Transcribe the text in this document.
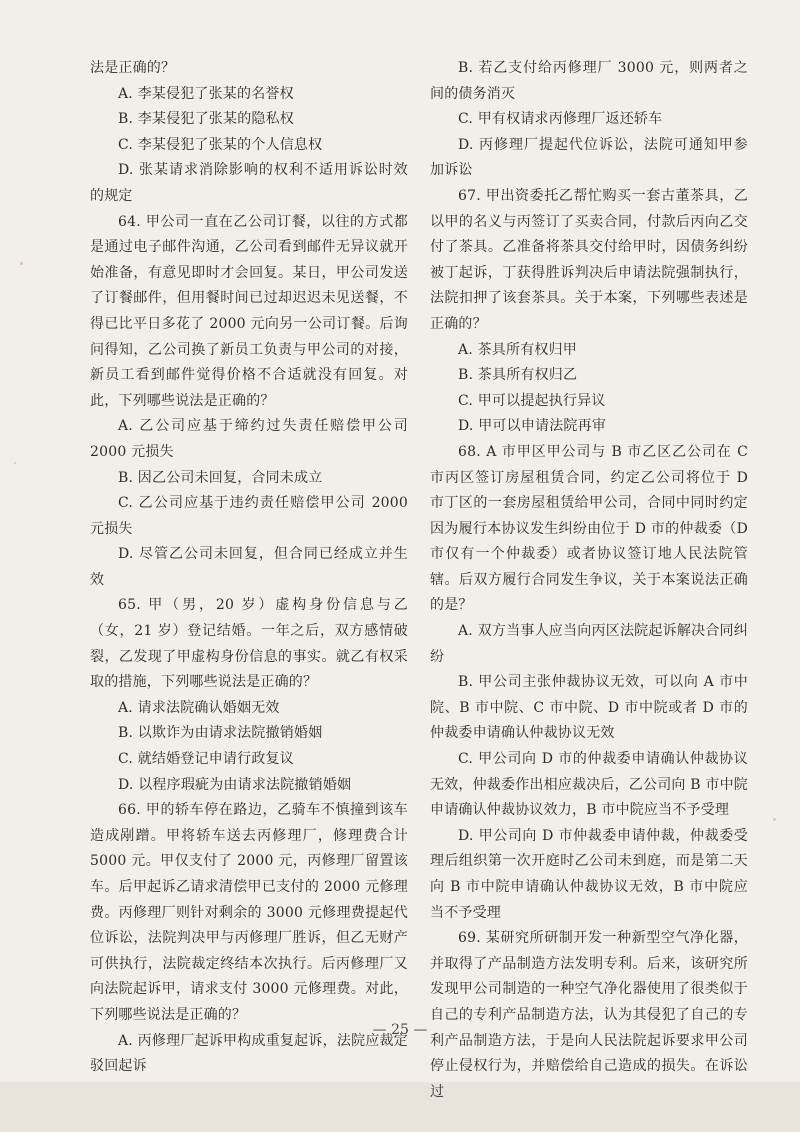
法是正确的？

A. 李某侵犯了张某的名誉权

B. 李某侵犯了张某的隐私权

C. 李某侵犯了张某的个人信息权

D. 张某请求消除影响的权利不适用诉讼时效的规定

64. 甲公司一直在乙公司订餐，以往的方式都是通过电子邮件沟通，乙公司看到邮件无异议就开始准备，有意见即时才会回复。某日，甲公司发送了订餐邮件，但用餐时间已过却迟迟未见送餐，不得已比平日多花了 2000 元向另一公司订餐。后询问得知，乙公司换了新员工负责与甲公司的对接，新员工看到邮件觉得价格不合适就没有回复。对此，下列哪些说法是正确的？

A. 乙公司应基于缔约过失责任赔偿甲公司 2000 元损失

B. 因乙公司未回复，合同未成立

C. 乙公司应基于违约责任赔偿甲公司 2000 元损失

D. 尽管乙公司未回复，但合同已经成立并生效

65. 甲（男，20 岁）虚构身份信息与乙（女，21 岁）登记结婚。一年之后，双方感情破裂，乙发现了甲虚构身份信息的事实。就乙有权采取的措施，下列哪些说法是正确的？

A. 请求法院确认婚姻无效

B. 以欺诈为由请求法院撤销婚姻

C. 就结婚登记申请行政复议

D. 以程序瑕疵为由请求法院撤销婚姻

66. 甲的轿车停在路边，乙骑车不慎撞到该车造成剐蹭。甲将轿车送去丙修理厂，修理费合计 5000 元。甲仅支付了 2000 元，丙修理厂留置该车。后甲起诉乙请求清偿甲已支付的 2000 元修理费。丙修理厂则针对剩余的 3000 元修理费提起代位诉讼，法院判决甲与丙修理厂胜诉，但乙无财产可供执行，法院裁定终结本次执行。后丙修理厂又向法院起诉甲，请求支付 3000 元修理费。对此，下列哪些说法是正确的？

A. 丙修理厂起诉甲构成重复起诉，法院应裁定驳回起诉

B. 若乙支付给丙修理厂 3000 元，则两者之间的债务消灭

C. 甲有权请求丙修理厂返还轿车

D. 丙修理厂提起代位诉讼，法院可通知甲参加诉讼

67. 甲出资委托乙帮忙购买一套古董茶具，乙以甲的名义与丙签订了买卖合同，付款后丙向乙交付了茶具。乙准备将茶具交付给甲时，因债务纠纷被丁起诉，丁获得胜诉判决后申请法院强制执行，法院扣押了该套茶具。关于本案，下列哪些表述是正确的？

A. 茶具所有权归甲

B. 茶具所有权归乙

C. 甲可以提起执行异议

D. 甲可以申请法院再审

68. A 市甲区甲公司与 B 市乙区乙公司在 C 市丙区签订房屋租赁合同，约定乙公司将位于 D 市丁区的一套房屋租赁给甲公司，合同中同时约定因为履行本协议发生纠纷由位于 D 市的仲裁委（D 市仅有一个仲裁委）或者协议签订地人民法院管辖。后双方履行合同发生争议，关于本案说法正确的是？

A. 双方当事人应当向丙区法院起诉解决合同纠纷

B. 甲公司主张仲裁协议无效，可以向 A 市中院、B 市中院、C 市中院、D 市中院或者 D 市的仲裁委申请确认仲裁协议无效

C. 甲公司向 D 市的仲裁委申请确认仲裁协议无效，仲裁委作出相应裁决后，乙公司向 B 市中院申请确认仲裁协议效力，B 市中院应当不予受理

D. 甲公司向 D 市仲裁委申请仲裁，仲裁委受理后组织第一次开庭时乙公司未到庭，而是第二天向 B 市中院申请确认仲裁协议无效，B 市中院应当不予受理

69. 某研究所研制开发一种新型空气净化器，并取得了产品制造方法发明专利。后来，该研究所发现甲公司制造的一种空气净化器使用了很类似于自己的专利产品制造方法，认为其侵犯了自己的专利产品制造方法，于是向人民法院起诉要求甲公司停止侵权行为，并赔偿给自己造成的损失。在诉讼过

— 25 —
